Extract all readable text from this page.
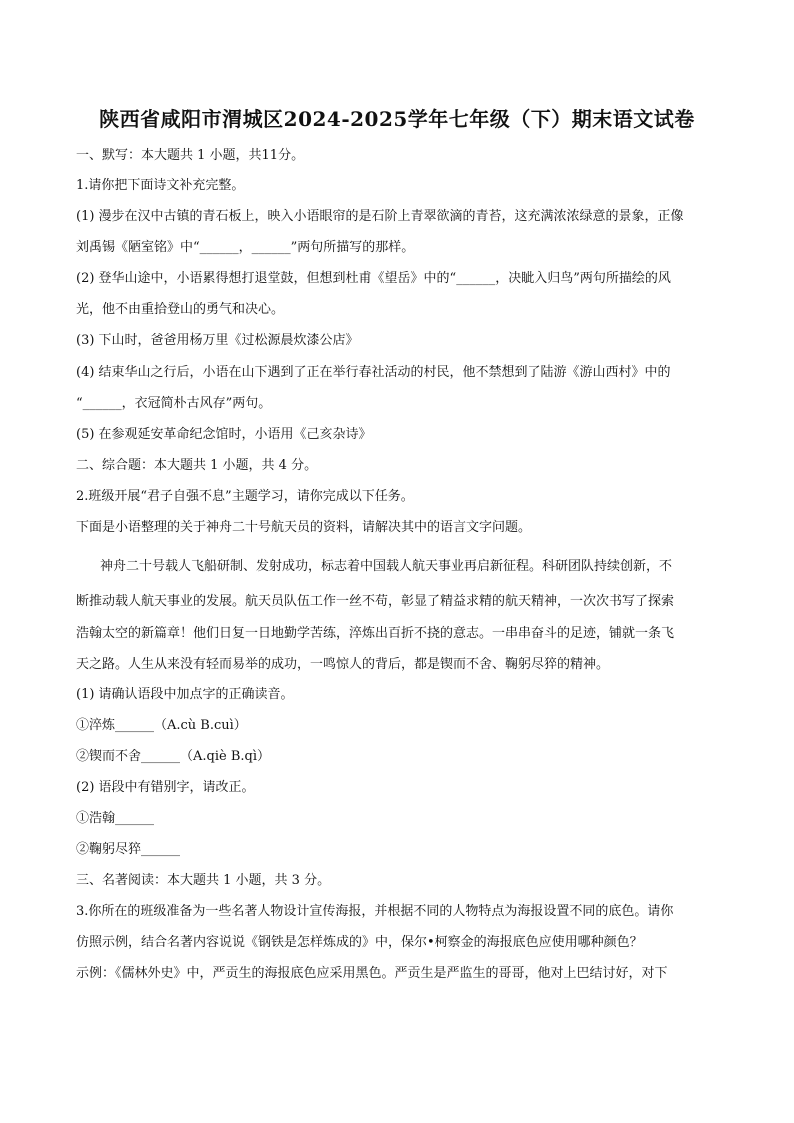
陕西省咸阳市渭城区2024-2025学年七年级（下）期末语文试卷
一、默写：本大题共 1 小题，共11分。
1.请你把下面诗文补充完整。
(1) 漫步在汉中古镇的青石板上，映入小语眼帘的是石阶上青翠欲滴的青苔，这充满浓浓绿意的景象，正像
刘禹锡《陋室铭》中“______，______”两句所描写的那样。
(2) 登华山途中，小语累得想打退堂鼓，但想到杜甫《望岳》中的“______，决眦入归鸟”两句所描绘的风
光，他不由重拾登山的勇气和决心。
(3) 下山时，爸爸用杨万里《过松源晨炊漆公店》
(4) 结束华山之行后，小语在山下遇到了正在举行春社活动的村民，他不禁想到了陆游《游山西村》中的
“______，衣冠简朴古风存”两句。
(5) 在参观延安革命纪念馆时，小语用《己亥杂诗》
二、综合题：本大题共 1 小题，共 4 分。
2.班级开展“君子自强不息”主题学习，请你完成以下任务。
下面是小语整理的关于神舟二十号航天员的资料，请解决其中的语言文字问题。
神舟二十号载人飞船研制、发射成功，标志着中国载人航天事业再启新征程。科研团队持续创新，不
断推动载人航天事业的发展。航天员队伍工作一丝不苟，彰显了精益求精的航天精神，一次次书写了探索
浩翰太空的新篇章！他们日复一日地勤学苦练，淬炼出百折不挠的意志。一串串奋斗的足迹，铺就一条飞
天之路。人生从来没有轻而易举的成功，一鸣惊人的背后，都是锲而不舍、鞠躬尽猝的精神。
(1) 请确认语段中加点字的正确读音。
①淬炼______（A.cù B.cuì）
②锲而不舍______（A.qiè B.qì）
(2) 语段中有错别字，请改正。
①浩翰______
②鞠躬尽猝______
三、名著阅读：本大题共 1 小题，共 3 分。
3.你所在的班级准备为一些名著人物设计宣传海报，并根据不同的人物特点为海报设置不同的底色。请你
仿照示例，结合名著内容说说《钢铁是怎样炼成的》中，保尔•柯察金的海报底色应使用哪种颜色？
示例：《儒林外史》中，严贡生的海报底色应采用黑色。严贡生是严监生的哥哥，他对上巴结讨好，对下
